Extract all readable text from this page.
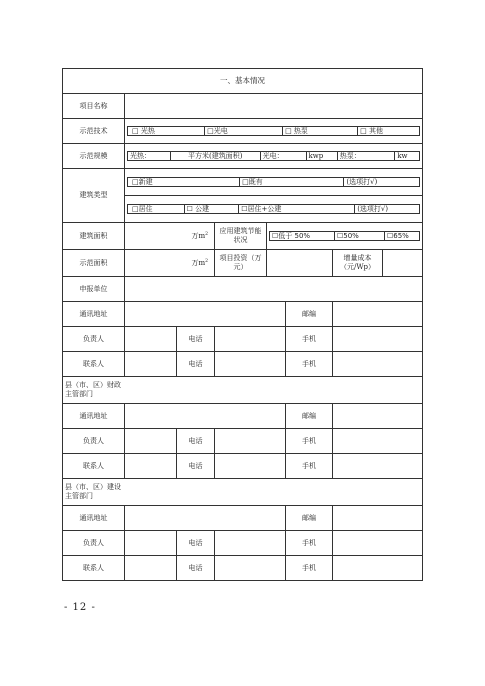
一、基本情况
项目名称	
示范技术		□ 光热	□光电	□ 热泵	□ 其他

示范规模		光热：	平方米(建筑面积)	光电：	kwp	热泵：	kw

建筑类型	
□新建	□既有	(选项打√)

□居住	☐ 公建	☐居住+公建	(选项打√)

建筑面积	万$m^2$	应用建筑节能状况	
☐低于 50%	☐50%	☐65%

示范面积	万$m^2$	项目投资（万元）		增量成本（元/Wp）	
申报单位	
通讯地址		邮编	
负责人		电话		手机	
联系人		电话		手机	

县（市、区）财政主管部门

通讯地址		邮编	
负责人		电话		手机	
联系人		电话		手机	

县（市、区）建设主管部门

通讯地址		邮编	
负责人		电话		手机	
联系人		电话		手机	
- 12 -
